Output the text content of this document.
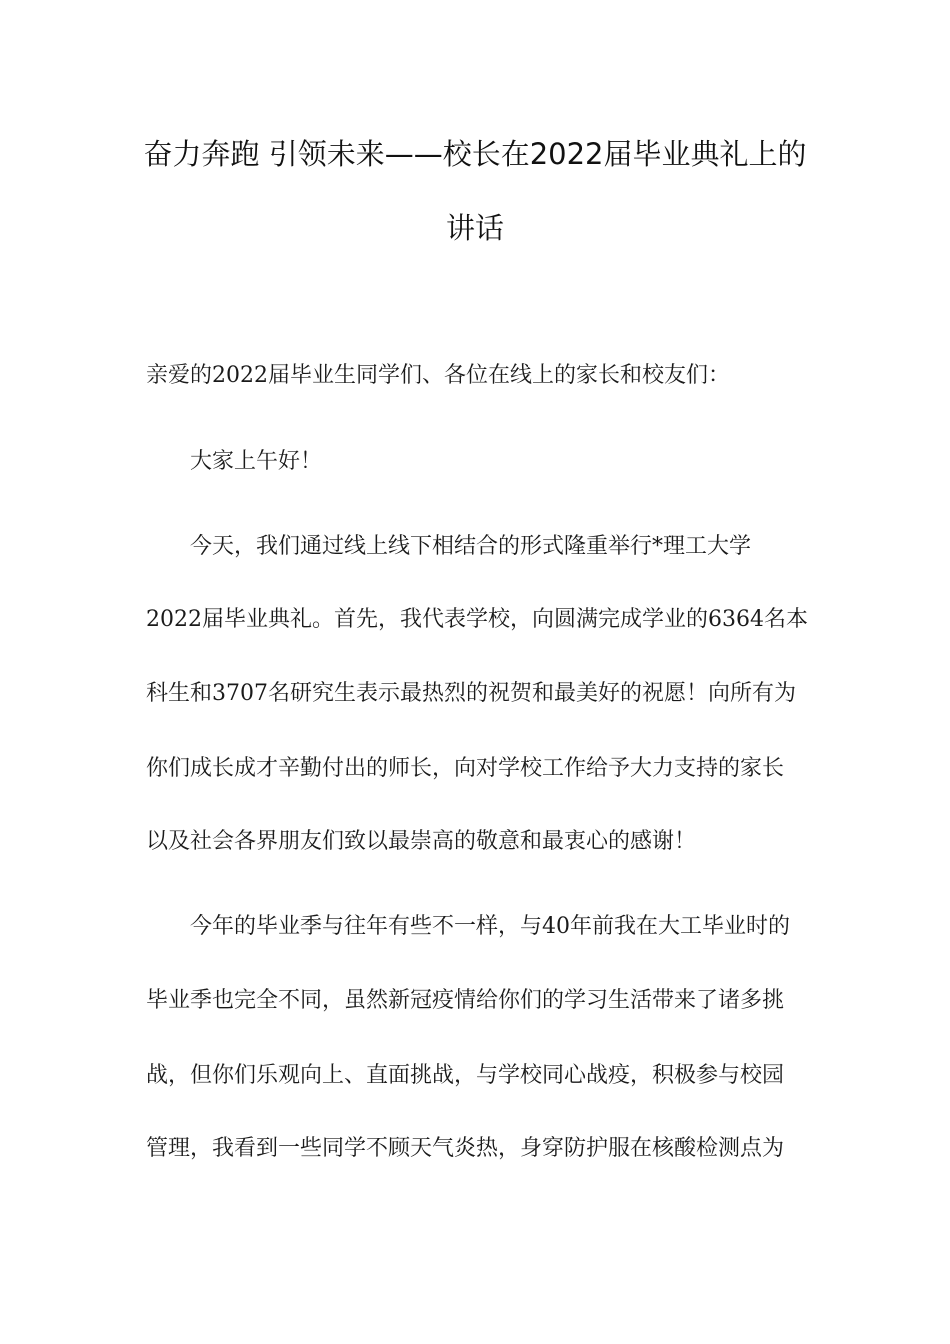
奋力奔跑 引领未来——校长在2022届毕业典礼上的
讲话
亲爱的2022届毕业生同学们、各位在线上的家长和校友们：
大家上午好！
今天，我们通过线上线下相结合的形式隆重举行*理工大学
2022届毕业典礼。首先，我代表学校，向圆满完成学业的6364名本
科生和3707名研究生表示最热烈的祝贺和最美好的祝愿！向所有为
你们成长成才辛勤付出的师长，向对学校工作给予大力支持的家长
以及社会各界朋友们致以最崇高的敬意和最衷心的感谢！
今年的毕业季与往年有些不一样，与40年前我在大工毕业时的
毕业季也完全不同，虽然新冠疫情给你们的学习生活带来了诸多挑
战，但你们乐观向上、直面挑战，与学校同心战疫，积极参与校园
管理，我看到一些同学不顾天气炎热，身穿防护服在核酸检测点为
